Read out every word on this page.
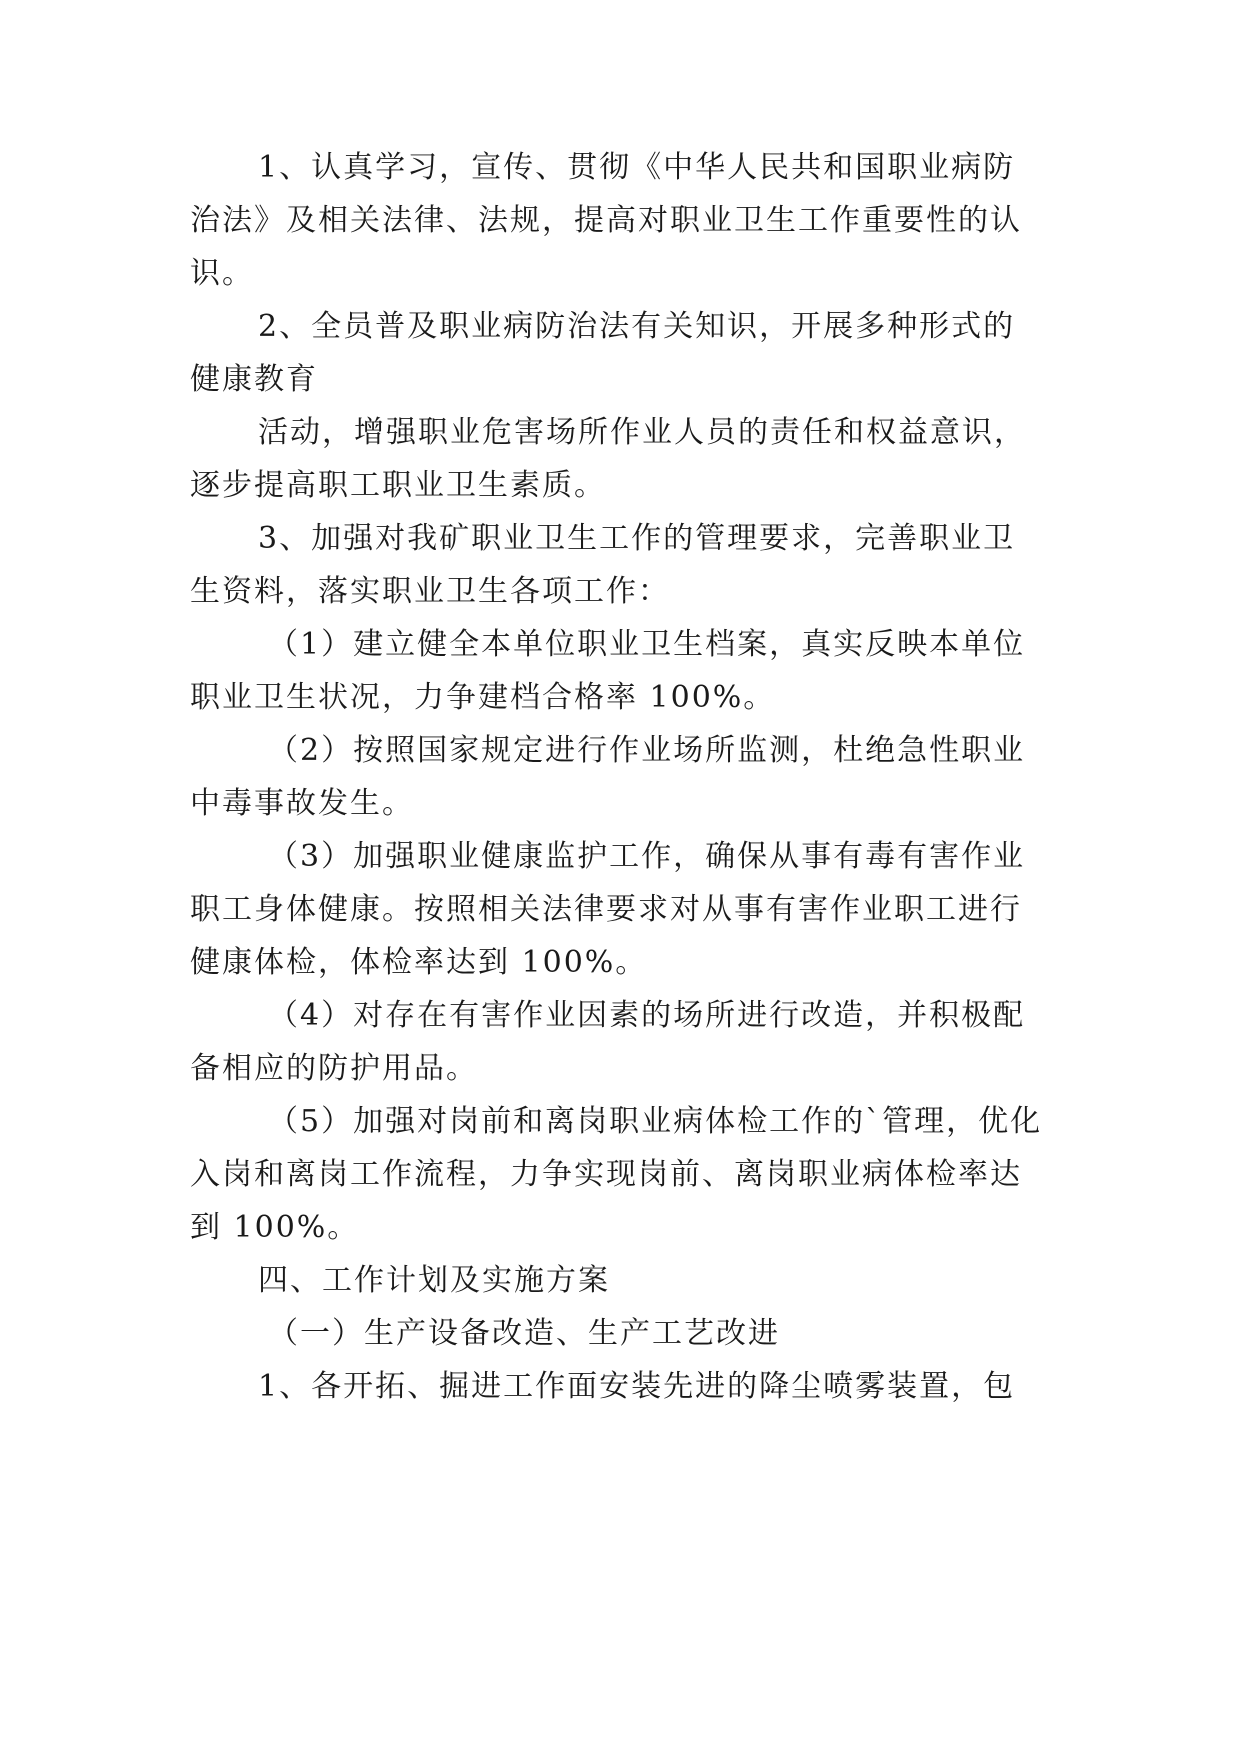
1、认真学习，宣传、贯彻《中华人民共和国职业病防
治法》及相关法律、法规，提高对职业卫生工作重要性的认
识。
2、全员普及职业病防治法有关知识，开展多种形式的
健康教育
活动，增强职业危害场所作业人员的责任和权益意识，
逐步提高职工职业卫生素质。
3、加强对我矿职业卫生工作的管理要求，完善职业卫
生资料，落实职业卫生各项工作：
（1）建立健全本单位职业卫生档案，真实反映本单位
职业卫生状况，力争建档合格率 100%。
（2）按照国家规定进行作业场所监测，杜绝急性职业
中毒事故发生。
（3）加强职业健康监护工作，确保从事有毒有害作业
职工身体健康。按照相关法律要求对从事有害作业职工进行
健康体检，体检率达到 100%。
（4）对存在有害作业因素的场所进行改造，并积极配
备相应的防护用品。
（5）加强对岗前和离岗职业病体检工作的`管理，优化
入岗和离岗工作流程，力争实现岗前、离岗职业病体检率达
到 100%。
四、工作计划及实施方案
（一）生产设备改造、生产工艺改进
1、各开拓、掘进工作面安装先进的降尘喷雾装置，包
